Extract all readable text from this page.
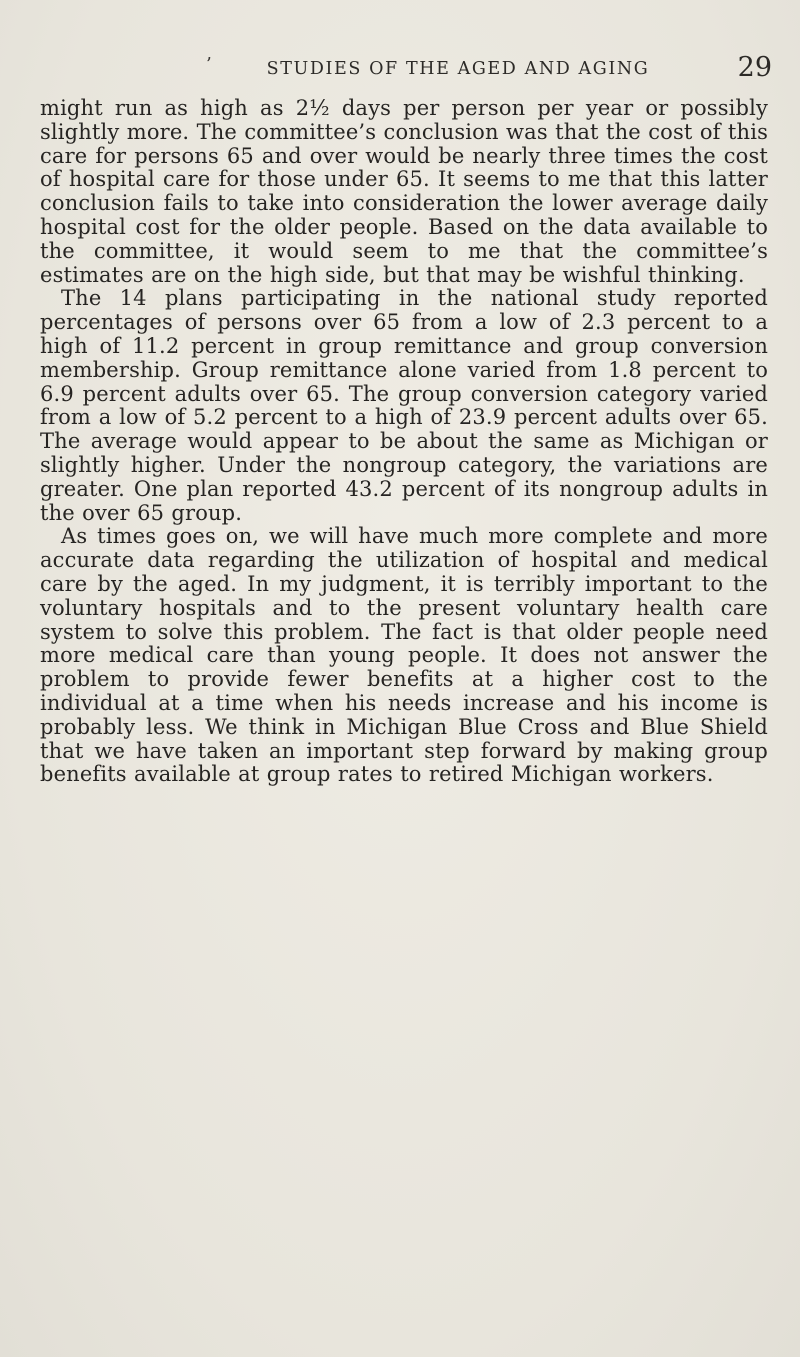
’	STUDIES OF THE AGED AND AGING	29

might run as high as 2½ days per person per year or possibly slightly more. The committee’s conclusion was that the cost of this care for persons 65 and over would be nearly three times the cost of hospital care for those under 65. It seems to me that this latter conclusion fails to take into consideration the lower average daily hospital cost for the older people. Based on the data available to the committee, it would seem to me that the committee’s estimates are on the high side, but that may be wishful thinking.

The 14 plans participating in the national study reported percentages of persons over 65 from a low of 2.3 percent to a high of 11.2 percent in group remittance and group conversion membership. Group remittance alone varied from 1.8 percent to 6.9 percent adults over 65. The group conversion category varied from a low of 5.2 percent to a high of 23.9 percent adults over 65. The average would appear to be about the same as Michigan or slightly higher. Under the nongroup category, the variations are greater. One plan reported 43.2 percent of its nongroup adults in the over 65 group.

As times goes on, we will have much more complete and more accurate data regarding the utilization of hospital and medical care by the aged. In my judgment, it is terribly important to the voluntary hospitals and to the present voluntary health care system to solve this problem. The fact is that older people need more medical care than young people. It does not answer the problem to provide fewer benefits at a higher cost to the individual at a time when his needs increase and his income is probably less. We think in Michigan Blue Cross and Blue Shield that we have taken an important step forward by making group benefits available at group rates to retired Michigan workers.
